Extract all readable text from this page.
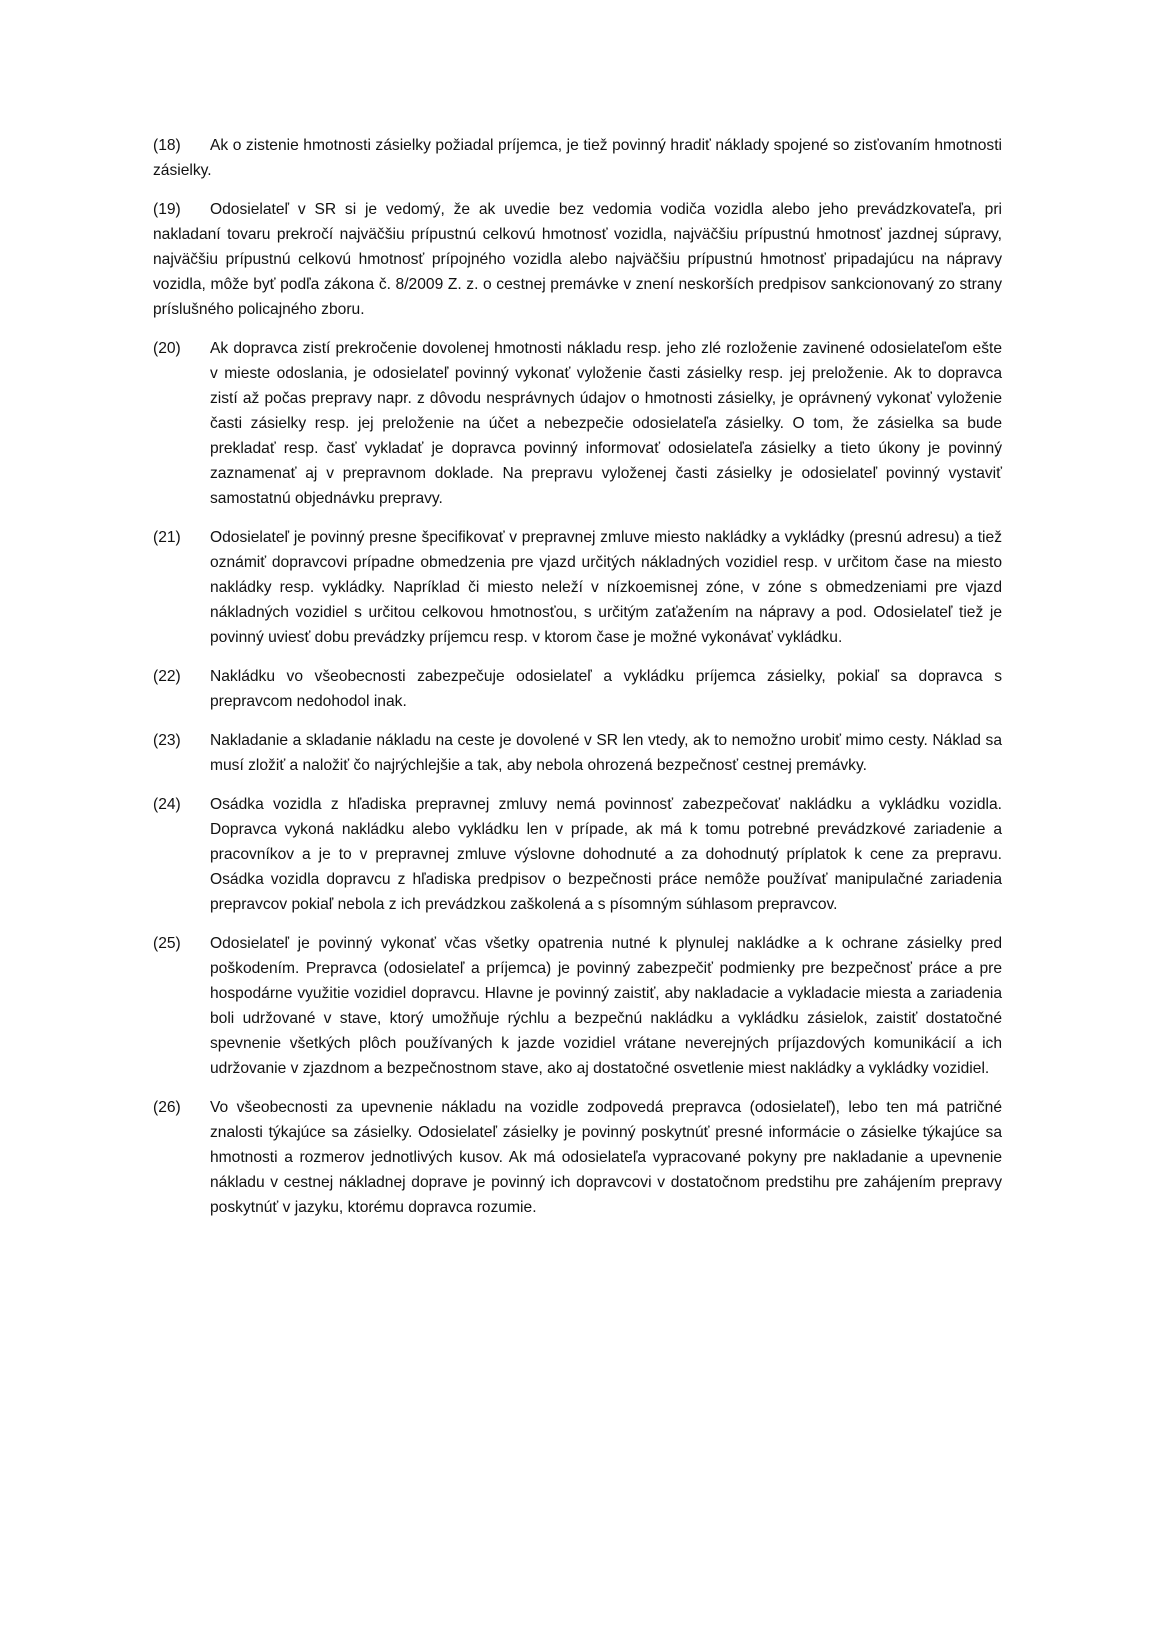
(18) Ak o zistenie hmotnosti zásielky požiadal príjemca, je tiež povinný hradiť náklady spojené so zisťovaním hmotnosti zásielky.

(19) Odosielateľ v SR si je vedomý, že ak uvedie bez vedomia vodiča vozidla alebo jeho prevádzkovateľa, pri nakladaní tovaru prekročí najväčšiu prípustnú celkovú hmotnosť vozidla, najväčšiu prípustnú hmotnosť jazdnej súpravy, najväčšiu prípustnú celkovú hmotnosť prípojného vozidla alebo najväčšiu prípustnú hmotnosť pripadajúcu na nápravy vozidla, môže byť podľa zákona č. 8/2009 Z. z. o cestnej premávke v znení neskorších predpisov sankcionovaný zo strany príslušného policajného zboru.

(20)	Ak dopravca zistí prekročenie dovolenej hmotnosti nákladu resp. jeho zlé rozloženie zavinené odosielateľom ešte v mieste odoslania, je odosielateľ povinný vykonať vyloženie časti zásielky resp. jej preloženie. Ak to dopravca zistí až počas prepravy napr. z dôvodu nesprávnych údajov o hmotnosti zásielky, je oprávnený vykonať vyloženie časti zásielky resp. jej preloženie na účet a nebezpečie odosielateľa zásielky. O tom, že zásielka sa bude prekladať resp. časť vykladať je dopravca povinný informovať odosielateľa zásielky a tieto úkony je povinný zaznamenať aj v prepravnom doklade. Na prepravu vyloženej časti zásielky je odosielateľ povinný vystaviť samostatnú objednávku prepravy.

(21)	Odosielateľ je povinný presne špecifikovať v prepravnej zmluve miesto nakládky a vykládky (presnú adresu) a tiež oznámiť dopravcovi prípadne obmedzenia pre vjazd určitých nákladných vozidiel resp. v určitom čase na miesto nakládky resp. vykládky. Napríklad či miesto neleží v nízkoemisnej zóne, v zóne s obmedzeniami pre vjazd nákladných vozidiel s určitou celkovou hmotnosťou, s určitým zaťažením na nápravy a pod. Odosielateľ tiež je povinný uviesť dobu prevádzky príjemcu resp. v ktorom čase je možné vykonávať vykládku.

(22)	Nakládku vo všeobecnosti zabezpečuje odosielateľ a vykládku príjemca zásielky, pokiaľ sa dopravca s prepravcom nedohodol inak.

(23)	Nakladanie a skladanie nákladu na ceste je dovolené v SR len vtedy, ak to nemožno urobiť mimo cesty. Náklad sa musí zložiť a naložiť čo najrýchlejšie a tak, aby nebola ohrozená bezpečnosť cestnej premávky.

(24)	Osádka vozidla z hľadiska prepravnej zmluvy nemá povinnosť zabezpečovať nakládku a vykládku vozidla. Dopravca vykoná nakládku alebo vykládku len v prípade, ak má k tomu potrebné prevádzkové zariadenie a pracovníkov a je to v prepravnej zmluve výslovne dohodnuté a za dohodnutý príplatok k cene za prepravu. Osádka vozidla dopravcu z hľadiska predpisov o bezpečnosti práce nemôže používať manipulačné zariadenia prepravcov pokiaľ nebola z ich prevádzkou zaškolená a s písomným súhlasom prepravcov.

(25)	Odosielateľ je povinný vykonať včas všetky opatrenia nutné k plynulej nakládke a k ochrane zásielky pred poškodením. Prepravca (odosielateľ a príjemca) je povinný zabezpečiť podmienky pre bezpečnosť práce a pre hospodárne využitie vozidiel dopravcu. Hlavne je povinný zaistiť, aby nakladacie a vykladacie miesta a zariadenia boli udržované v stave, ktorý umožňuje rýchlu a bezpečnú nakládku a vykládku zásielok, zaistiť dostatočné spevnenie všetkých plôch používaných k jazde vozidiel vrátane neverejných príjazdových komunikácií a ich udržovanie v zjazdnom a bezpečnostnom stave, ako aj dostatočné osvetlenie miest nakládky a vykládky vozidiel.

(26)	Vo všeobecnosti za upevnenie nákladu na vozidle zodpovedá prepravca (odosielateľ), lebo ten má patričné znalosti týkajúce sa zásielky. Odosielateľ zásielky je povinný poskytnúť presné informácie o zásielke týkajúce sa hmotnosti a rozmerov jednotlivých kusov. Ak má odosielateľa vypracované pokyny pre nakladanie a upevnenie nákladu v cestnej nákladnej doprave je povinný ich dopravcovi v dostatočnom predstihu pre zahájením prepravy poskytnúť v jazyku, ktorému dopravca rozumie.
